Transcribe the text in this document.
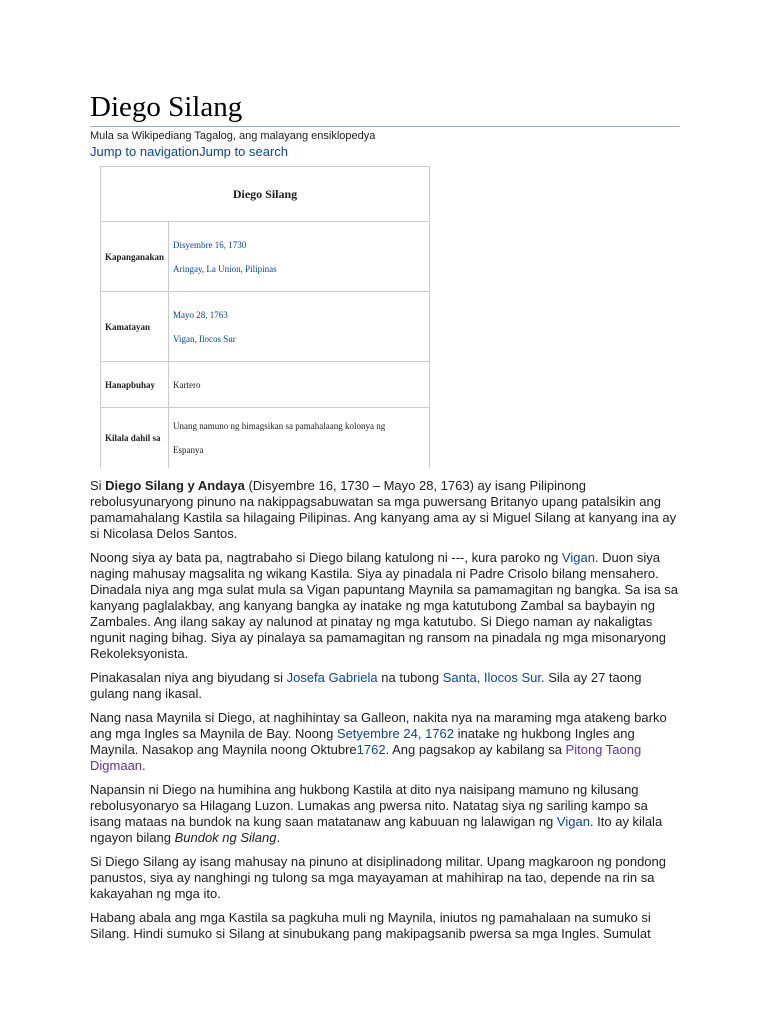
Diego Silang
Mula sa Wikipediang Tagalog, ang malayang ensiklopedya
Jump to navigationJump to search
Diego Silang	
Kapanganakan	Disyembre 16, 1730
Aringay, La Union, Pilipinas

Kamatayan	Mayo 28, 1763
Vigan, Ilocos Sur

Hanapbuhay	Kartero

Kilala dahil sa	Unang namuno ng himagsikan sa pamahalaang kolonya ng
Espanya

Si Diego Silang y Andaya (Disyembre 16, 1730 – Mayo 28, 1763) ay isang Pilipinong rebolusyunaryong pinuno na nakippagsabuwatan sa mga puwersang Britanyo upang patalsikin ang pamamahalang Kastila sa hilagaing Pilipinas. Ang kanyang ama ay si Miguel Silang at kanyang ina ay si Nicolasa Delos Santos.

Noong siya ay bata pa, nagtrabaho si Diego bilang katulong ni ---, kura paroko ng Vigan. Duon siya naging mahusay magsalita ng wikang Kastila. Siya ay pinadala ni Padre Crisolo bilang mensahero. Dinadala niya ang mga sulat mula sa Vigan papuntang Maynila sa pamamagitan ng bangka. Sa isa sa kanyang paglalakbay, ang kanyang bangka ay inatake ng mga katutubong Zambal sa baybayin ng Zambales. Ang ilang sakay ay nalunod at pinatay ng mga katutubo. Si Diego naman ay nakaligtas ngunit naging bihag. Siya ay pinalaya sa pamamagitan ng ransom na pinadala ng mga misonaryong Rekoleksyonista.

Pinakasalan niya ang biyudang si Josefa Gabriela na tubong Santa, Ilocos Sur. Sila ay 27 taong gulang nang ikasal.

Nang nasa Maynila si Diego, at naghihintay sa Galleon, nakita nya na maraming mga atakeng barko ang mga Ingles sa Maynila de Bay. Noong Setyembre 24, 1762 inatake ng hukbong Ingles ang Maynila. Nasakop ang Maynila noong Oktubre1762. Ang pagsakop ay kabilang sa Pitong Taong Digmaan.

Napansin ni Diego na humihina ang hukbong Kastila at dito nya naisipang mamuno ng kilusang rebolusyonaryo sa Hilagang Luzon. Lumakas ang pwersa nito. Natatag siya ng sariling kampo sa isang mataas na bundok na kung saan matatanaw ang kabuuan ng lalawigan ng Vigan. Ito ay kilala ngayon bilang Bundok ng Silang.

Si Diego Silang ay isang mahusay na pinuno at disiplinadong militar. Upang magkaroon ng pondong panustos, siya ay nanghingi ng tulong sa mga mayayaman at mahihirap na tao, depende na rin sa kakayahan ng mga ito.

Habang abala ang mga Kastila sa pagkuha muli ng Maynila, iniutos ng pamahalaan na sumuko si Silang. Hindi sumuko si Silang at sinubukang pang makipagsanib pwersa sa mga Ingles. Sumulat
